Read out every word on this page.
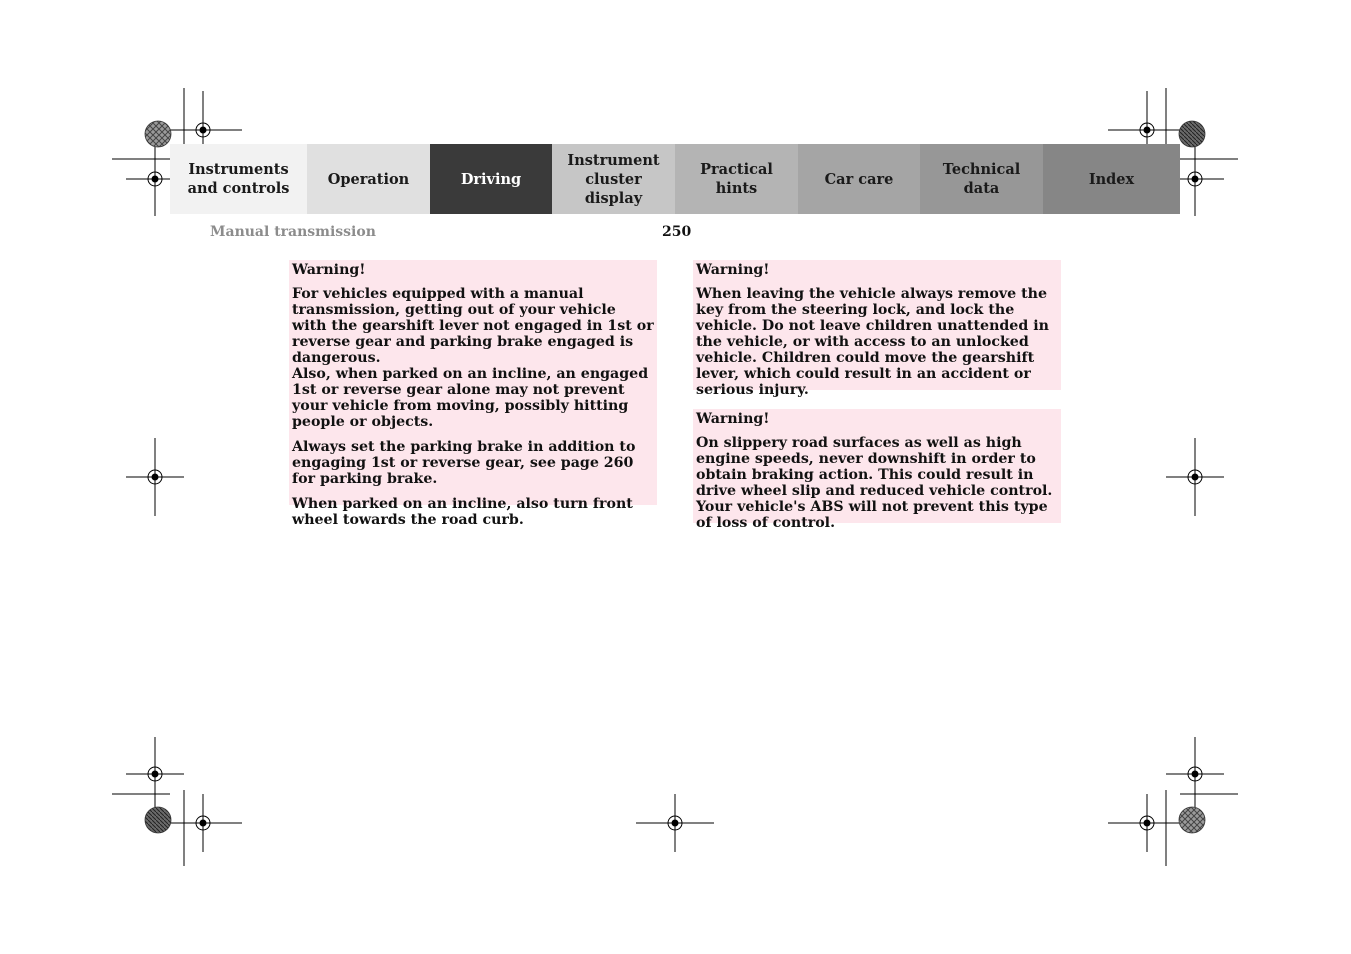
Instruments
and controls
Operation	Driving
Instrument
cluster display
Practical hints
Car care
Technical
data
Index
Manual transmission	250

Warning!

For vehicles equipped with a manual transmission, getting out of your vehicle with the gearshift lever not engaged in 1st or reverse gear and parking brake engaged is dangerous.
Also, when parked on an incline, an engaged 1st or reverse gear alone may not prevent your vehicle from moving, possibly hitting people or objects.

Always set the parking brake in addition to engaging 1st or reverse gear, see page 260 for parking brake.

When parked on an incline, also turn front wheel towards the road curb.

Warning!

When leaving the vehicle always remove the key from the steering lock, and lock the vehicle. Do not leave children unattended in the vehicle, or with access to an unlocked vehicle. Children could move the gearshift lever, which could result in an accident or serious injury.

Warning!

On slippery road surfaces as well as high engine speeds, never downshift in order to obtain braking action. This could result in drive wheel slip and reduced vehicle control. Your vehicle's ABS will not prevent this type of loss of control.
